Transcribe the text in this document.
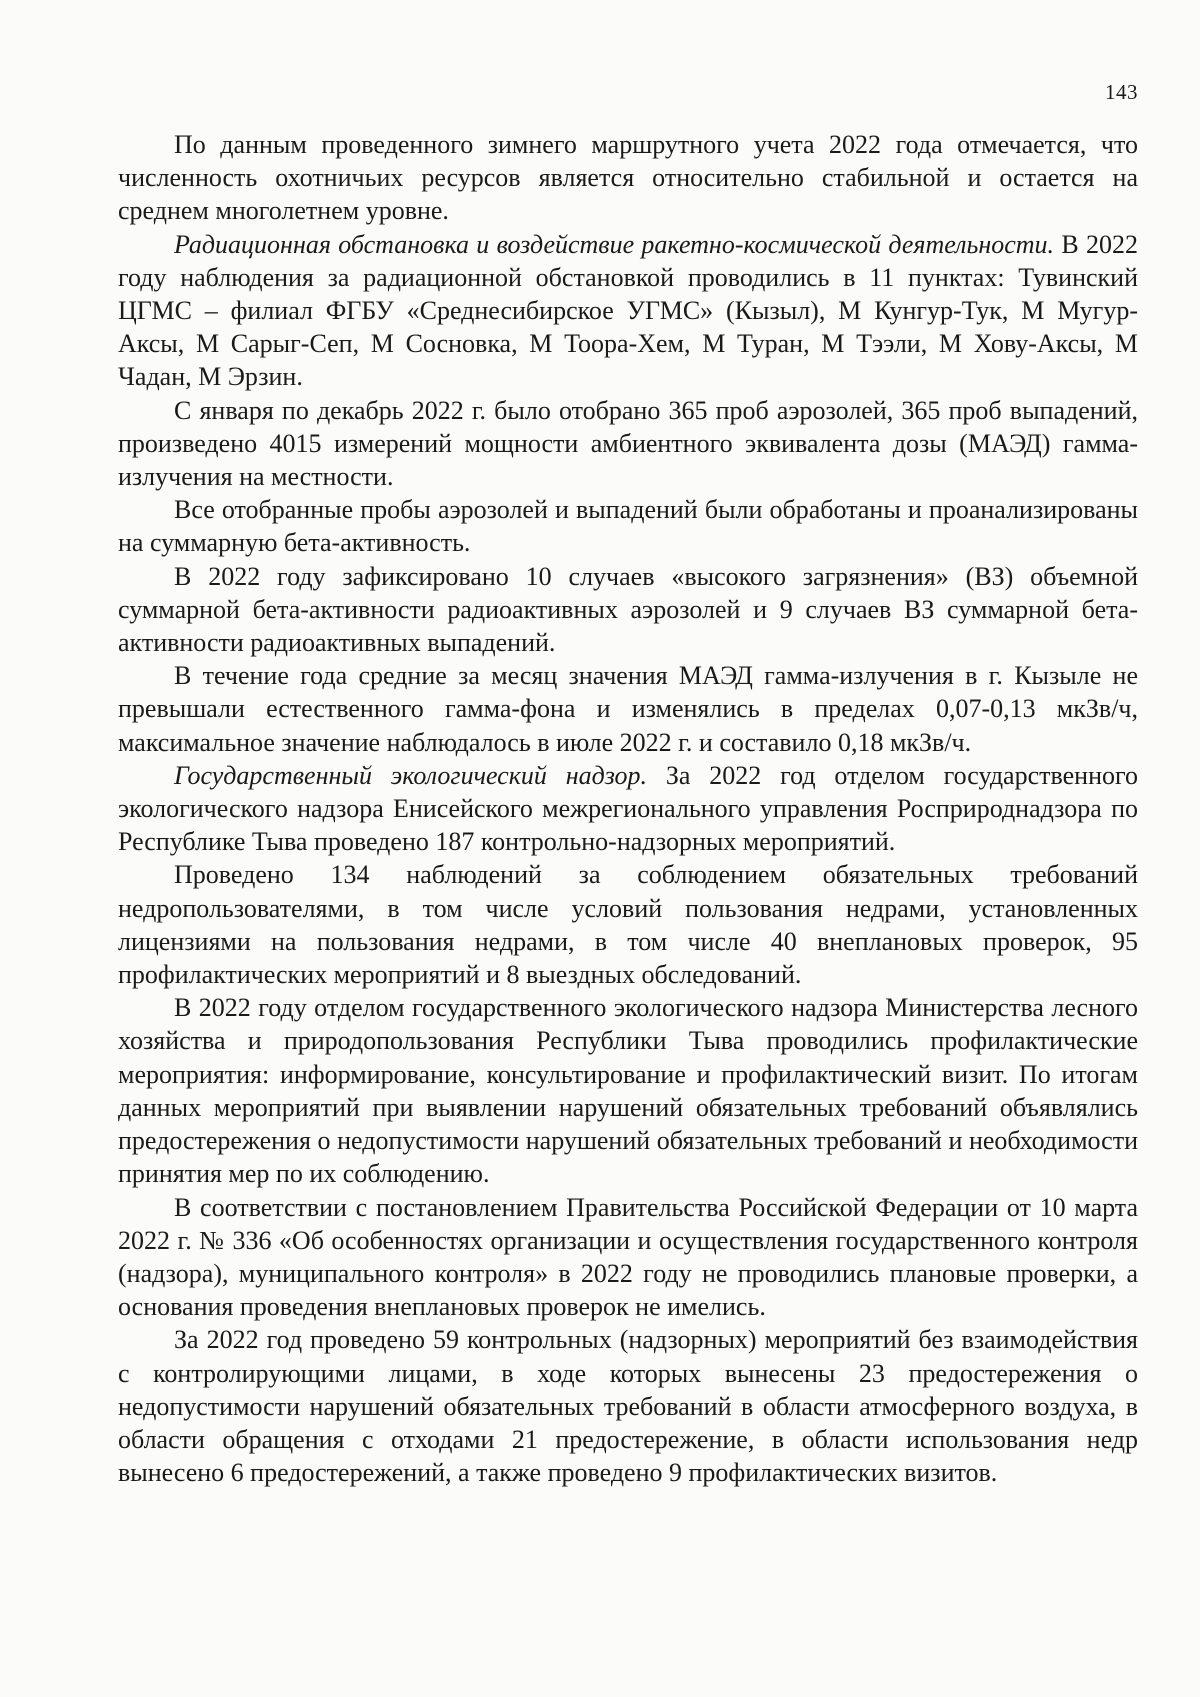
143

По данным проведенного зимнего маршрутного учета 2022 года отмечается, что численность охотничьих ресурсов является относительно стабильной и остается на среднем многолетнем уровне.

Радиационная обстановка и воздействие ракетно-космической деятельности. В 2022 году наблюдения за радиационной обстановкой проводились в 11 пунктах: Тувинский ЦГМС – филиал ФГБУ «Среднесибирское УГМС» (Кызыл), М Кунгур-Тук, М Мугур-Аксы, М Сарыг-Сеп, М Сосновка, М Тоора-Хем, М Туран, М Тээли, М Хову-Аксы, М Чадан, М Эрзин.

С января по декабрь 2022 г. было отобрано 365 проб аэрозолей, 365 проб выпадений, произведено 4015 измерений мощности амбиентного эквивалента дозы (МАЭД) гамма-излучения на местности.

Все отобранные пробы аэрозолей и выпадений были обработаны и проанализированы на суммарную бета-активность.

В 2022 году зафиксировано 10 случаев «высокого загрязнения» (ВЗ) объемной суммарной бета-активности радиоактивных аэрозолей и 9 случаев ВЗ суммарной бета-активности радиоактивных выпадений.

В течение года средние за месяц значения МАЭД гамма-излучения в г. Кызыле не превышали естественного гамма-фона и изменялись в пределах 0,07-0,13 мкЗв/ч, максимальное значение наблюдалось в июле 2022 г. и составило 0,18 мкЗв/ч.

Государственный экологический надзор. За 2022 год отделом государственного экологического надзора Енисейского межрегионального управления Росприроднадзора по Республике Тыва проведено 187 контрольно-надзорных мероприятий.

Проведено 134 наблюдений за соблюдением обязательных требований недропользователями, в том числе условий пользования недрами, установленных лицензиями на пользования недрами, в том числе 40 внеплановых проверок, 95 профилактических мероприятий и 8 выездных обследований.

В 2022 году отделом государственного экологического надзора Министерства лесного хозяйства и природопользования Республики Тыва проводились профилактические мероприятия: информирование, консультирование и профилактический визит. По итогам данных мероприятий при выявлении нарушений обязательных требований объявлялись предостережения о недопустимости нарушений обязательных требований и необходимости принятия мер по их соблюдению.

В соответствии с постановлением Правительства Российской Федерации от 10 марта 2022 г. № 336 «Об особенностях организации и осуществления государственного контроля (надзора), муниципального контроля» в 2022 году не проводились плановые проверки, а основания проведения внеплановых проверок не имелись.

За 2022 год проведено 59 контрольных (надзорных) мероприятий без взаимодействия с контролирующими лицами, в ходе которых вынесены 23 предостережения о недопустимости нарушений обязательных требований в области атмосферного воздуха, в области обращения с отходами 21 предостережение, в области использования недр вынесено 6 предостережений, а также проведено 9 профилактических визитов.
